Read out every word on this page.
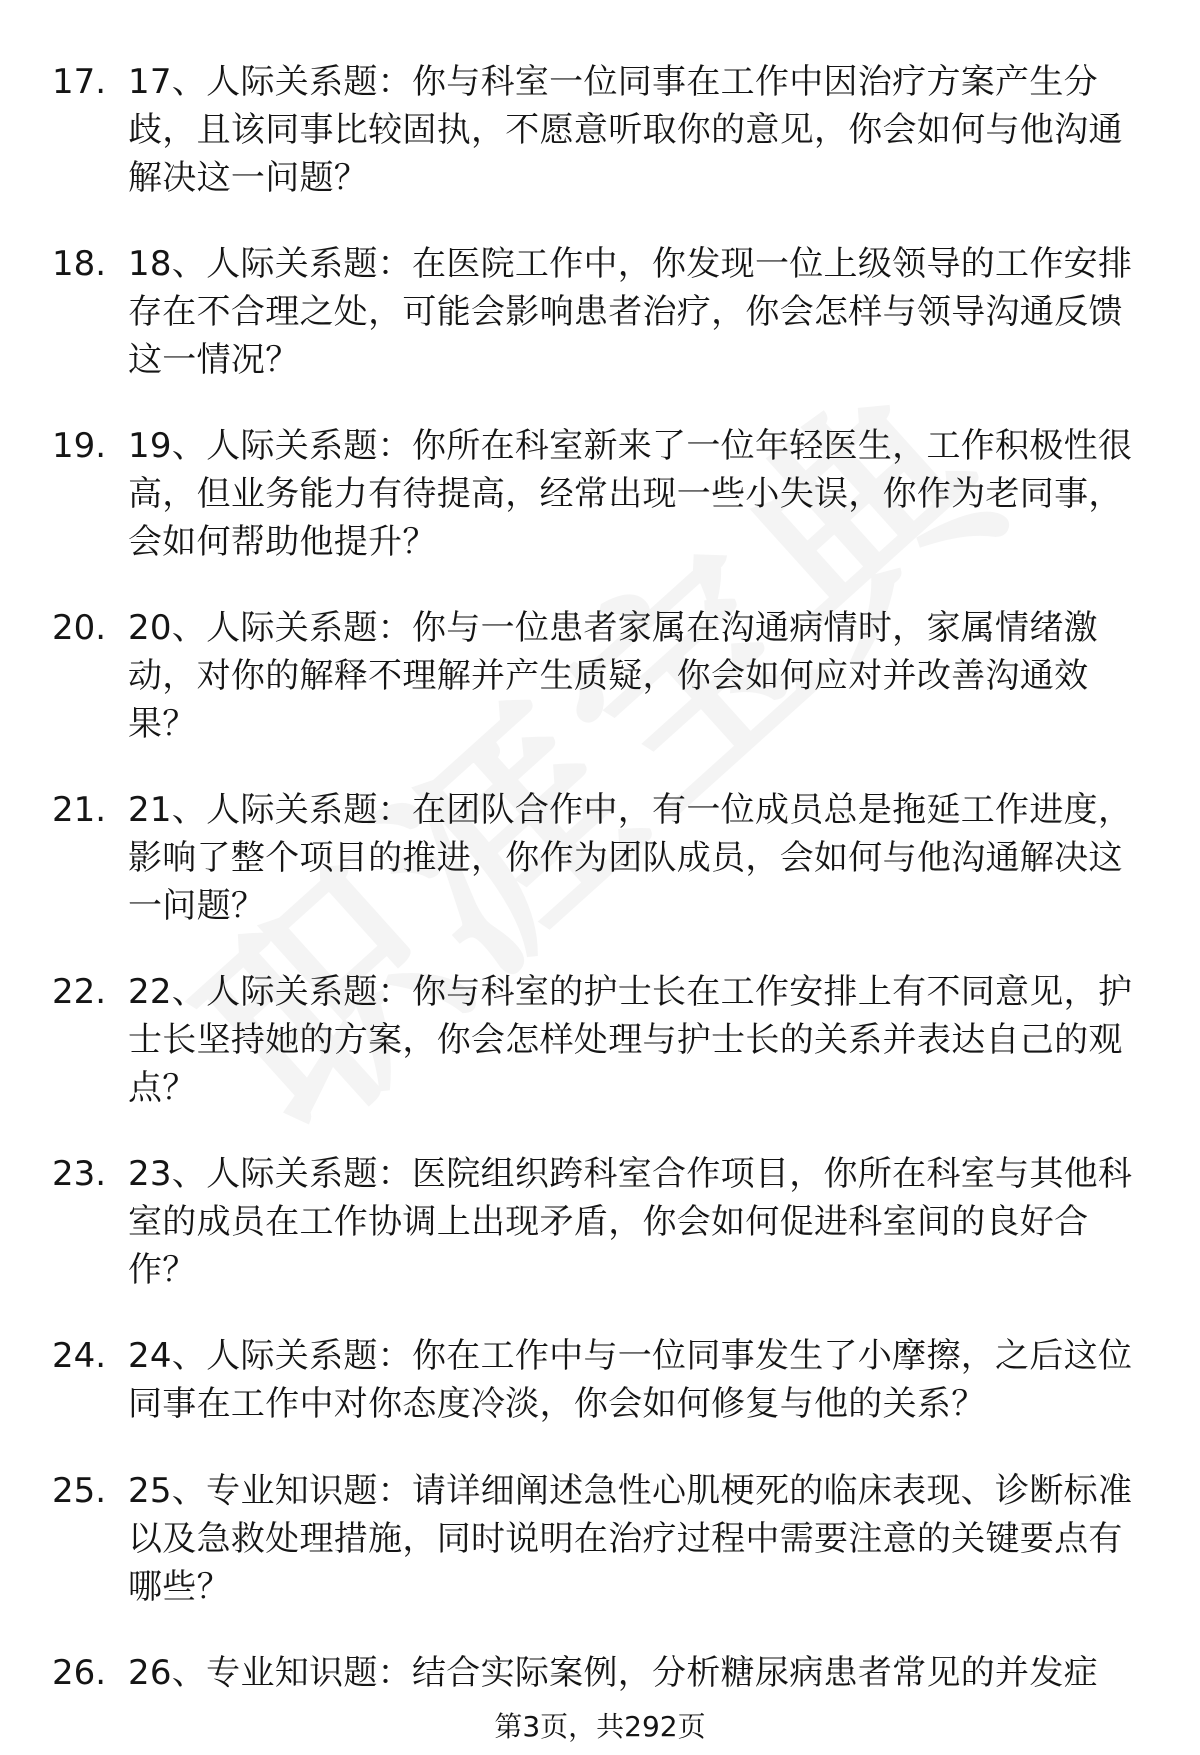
17. 17、人际关系题：你与科室一位同事在工作中因治疗方案产生分歧，且该同事比较固执，不愿意听取你的意见，你会如何与他沟通解决这一问题？
18. 18、人际关系题：在医院工作中，你发现一位上级领导的工作安排存在不合理之处，可能会影响患者治疗，你会怎样与领导沟通反馈这一情况？
19. 19、人际关系题：你所在科室新来了一位年轻医生，工作积极性很高，但业务能力有待提高，经常出现一些小失误，你作为老同事，会如何帮助他提升？
20. 20、人际关系题：你与一位患者家属在沟通病情时，家属情绪激动，对你的解释不理解并产生质疑，你会如何应对并改善沟通效果？
21. 21、人际关系题：在团队合作中，有一位成员总是拖延工作进度，影响了整个项目的推进，你作为团队成员，会如何与他沟通解决这一问题？
22. 22、人际关系题：你与科室的护士长在工作安排上有不同意见，护士长坚持她的方案，你会怎样处理与护士长的关系并表达自己的观点？
23. 23、人际关系题：医院组织跨科室合作项目，你所在科室与其他科室的成员在工作协调上出现矛盾，你会如何促进科室间的良好合作？
24. 24、人际关系题：你在工作中与一位同事发生了小摩擦，之后这位同事在工作中对你态度冷淡，你会如何修复与他的关系？
25. 25、专业知识题：请详细阐述急性心肌梗死的临床表现、诊断标准以及急救处理措施，同时说明在治疗过程中需要注意的关键要点有哪些？
26. 26、专业知识题：结合实际案例，分析糖尿病患者常见的并发症
第3页，共292页
